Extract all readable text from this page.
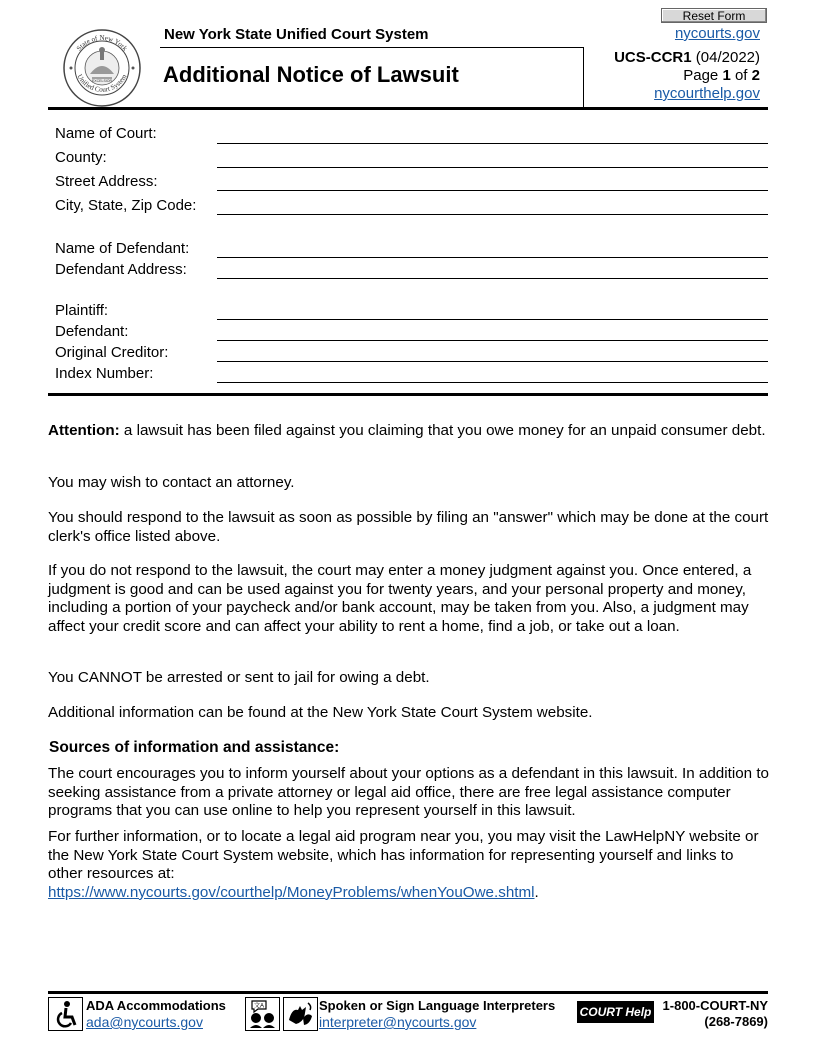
State of New York
Unified Court System
EXCELSIOR
New York State Unified Court System
Additional Notice of Lawsuit
Reset Form
nycourts.gov
UCS-CCR1 (04/2022)
Page 1 of 2
nycourthelp.gov
Name of Court:
County:
Street Address:
City, State, Zip Code:
Name of Defendant:
Defendant Address:
Plaintiff:
Defendant:
Original Creditor:
Index Number:
Attention: a lawsuit has been filed against you claiming that you owe money for an unpaid consumer debt.
You may wish to contact an attorney.
You should respond to the lawsuit as soon as possible by filing an "answer" which may be done at the court clerk's office listed above.
If you do not respond to the lawsuit, the court may enter a money judgment against you. Once entered, a judgment is good and can be used against you for twenty years, and your personal property and money, including a portion of your paycheck and/or bank account, may be taken from you. Also, a judgment may affect your credit score and can affect your ability to rent a home, find a job, or take out a loan.
You CANNOT be arrested or sent to jail for owing a debt.
Additional information can be found at the New York State Court System website.
Sources of information and assistance:
The court encourages you to inform yourself about your options as a defendant in this lawsuit. In addition to seeking assistance from a private attorney or legal aid office, there are free legal assistance computer programs that you can use online to help you represent yourself in this lawsuit.
For further information, or to locate a legal aid program near you, you may visit the LawHelpNY website or the New York State Court System website, which has information for representing yourself and links to other resources at:
https://www.nycourts.gov/courthelp/MoneyProblems/whenYouOwe.shtml.
ADA Accommodations
ada@nycourts.gov
文A	Spoken or Sign Language Interpreters
interpreter@nycourts.gov
COURT Help 1-800-COURT-NY
(268-7869)
